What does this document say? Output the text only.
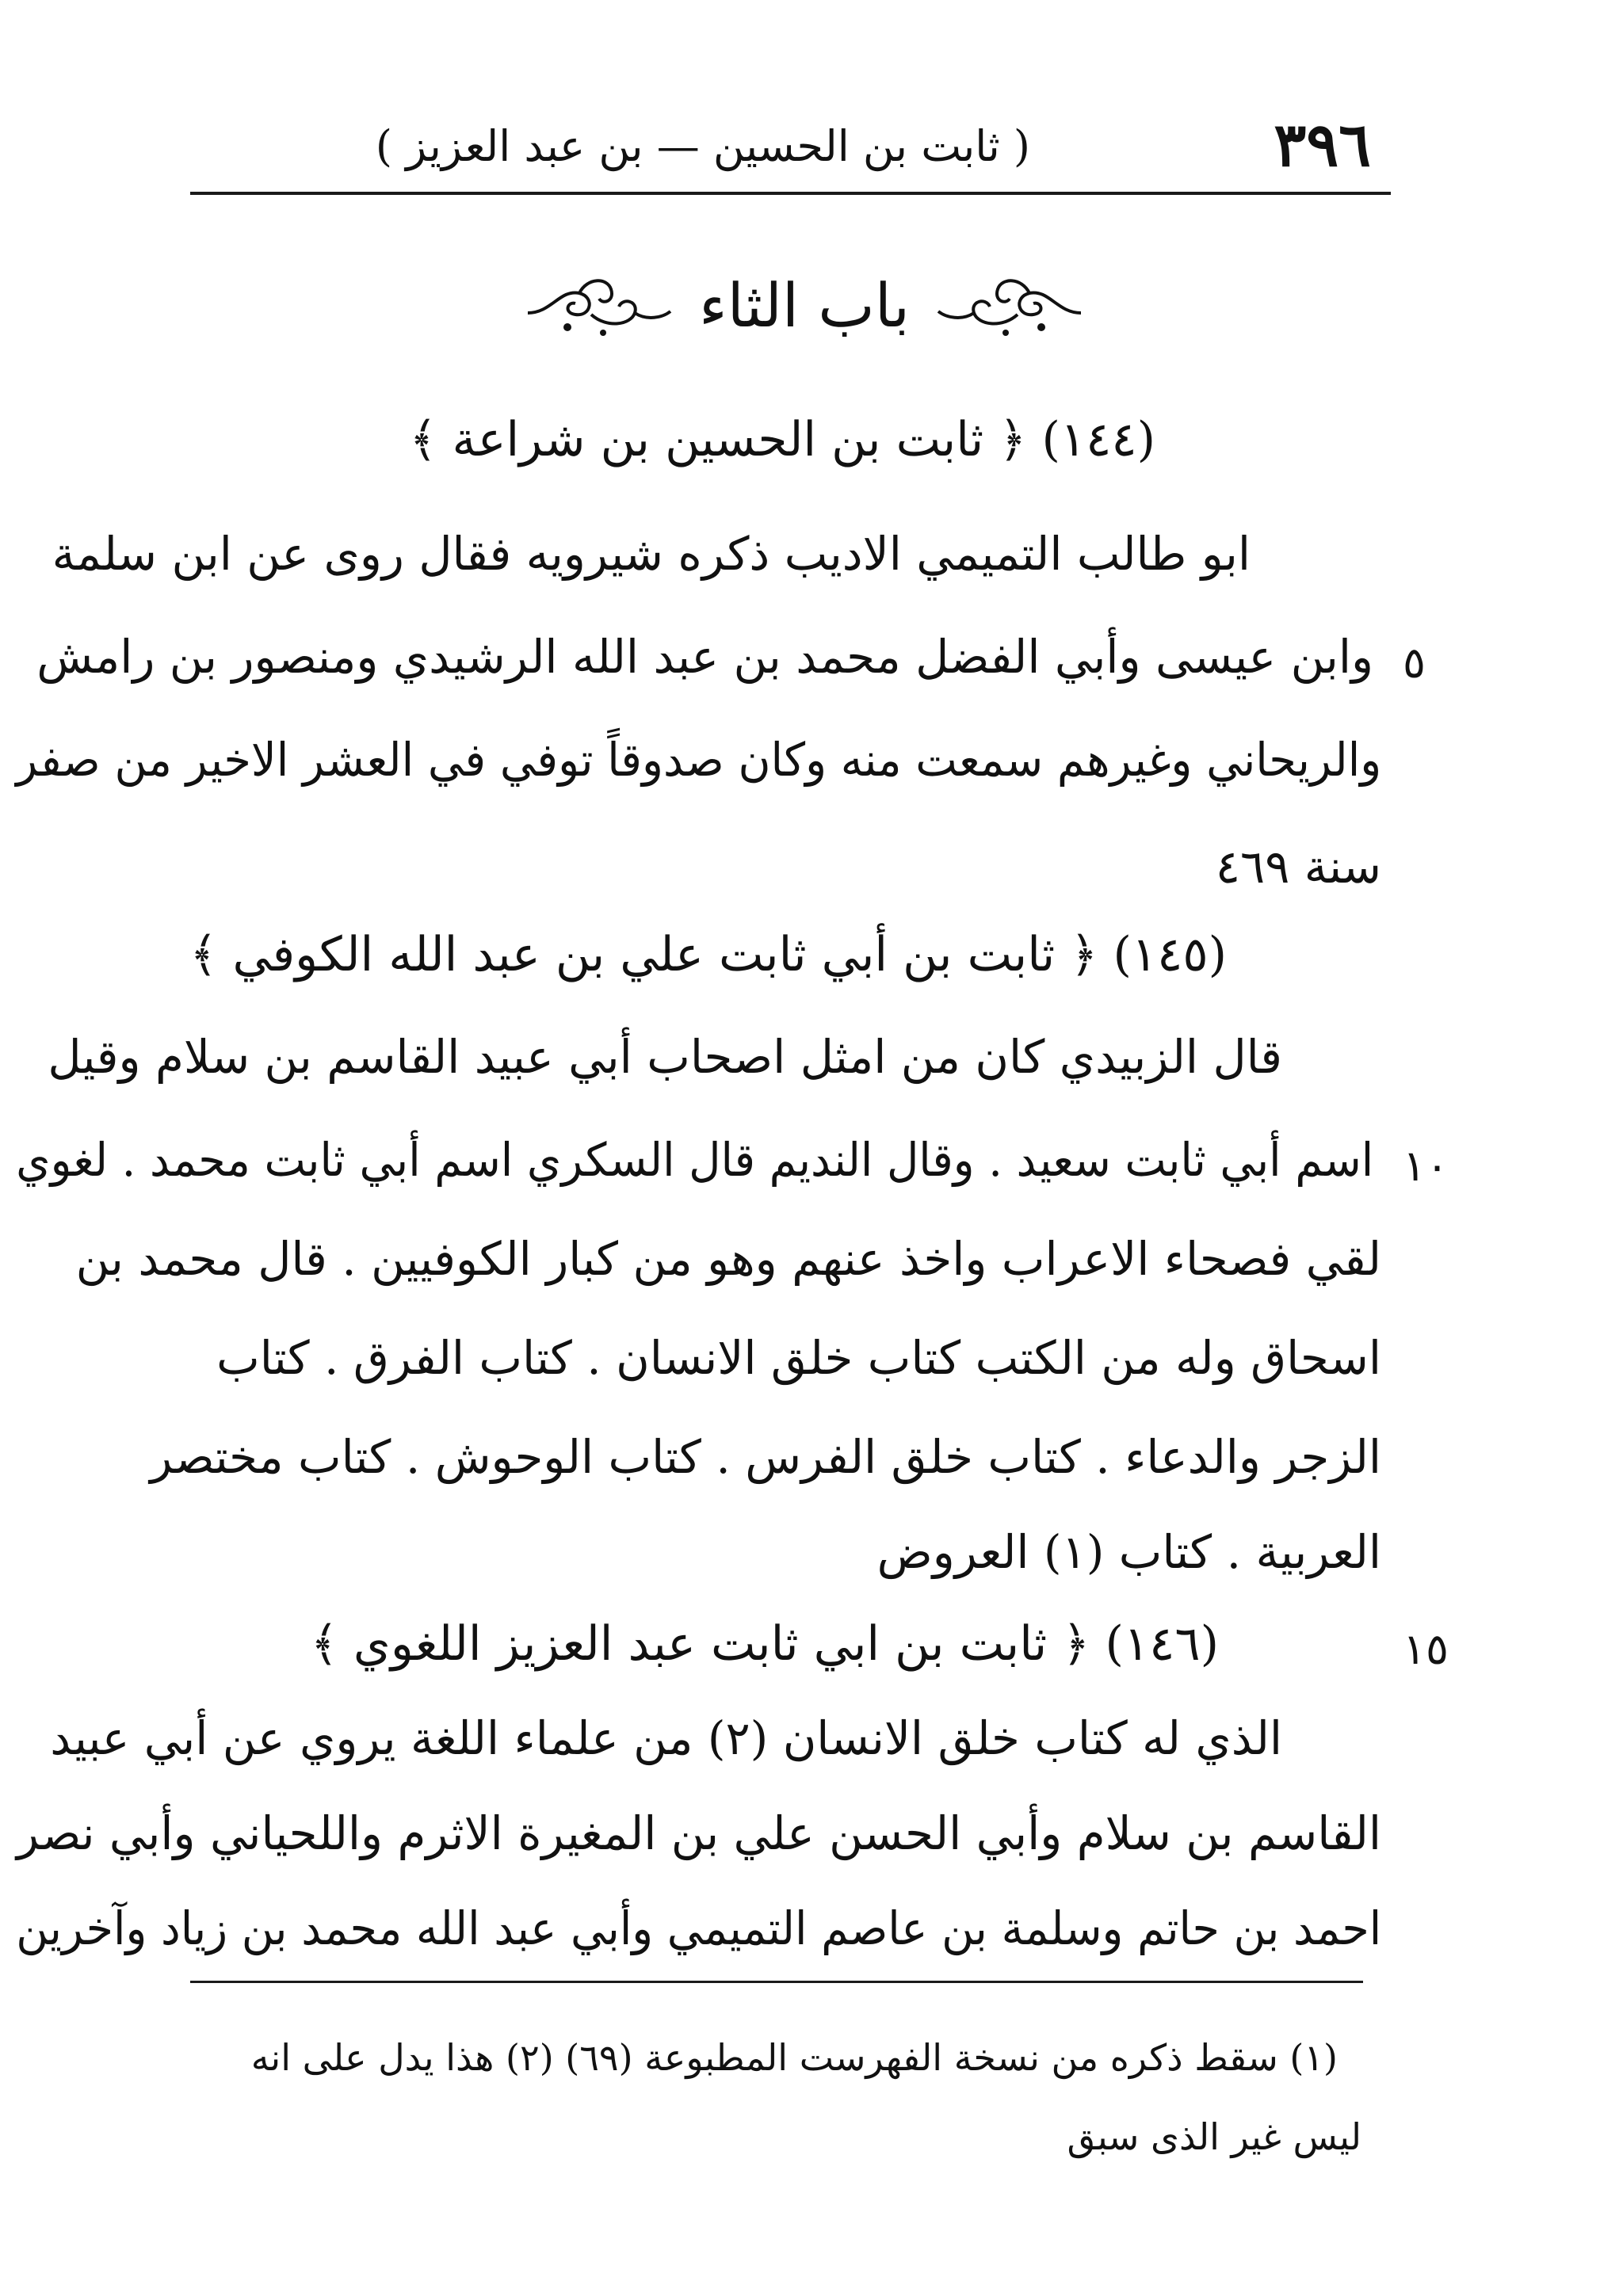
٣٩٦
( ثابت بن الحسين — بن عبد العزيز )
باب الثاء
(١٤٤) ﴿ ثابت بن الحسين بن شراعة ﴾
ابو طالب التميمي الاديب ذكره شيرويه فقال روى عن ابن سلمة
وابن عيسى وأبي الفضل محمد بن عبد الله الرشيدي ومنصور بن رامش ٥
والريحاني وغيرهم سمعت منه وكان صدوقاً توفي في العشر الاخير من صفر
سنة ٤٦٩
(١٤٥) ﴿ ثابت بن أبي ثابت علي بن عبد الله الكوفي ﴾
قال الزبيدي كان من امثل اصحاب أبي عبيد القاسم بن سلام وقيل
اسم أبي ثابت سعيد . وقال النديم قال السكري اسم أبي ثابت محمد . لغوي ١٠
لقي فصحاء الاعراب واخذ عنهم وهو من كبار الكوفيين . قال محمد بن
اسحاق وله من الكتب كتاب خلق الانسان . كتاب الفرق . كتاب
الزجر والدعاء . كتاب خلق الفرس . كتاب الوحوش . كتاب مختصر
العربية . كتاب (١) العروض
(١٤٦) ﴿ ثابت بن ابي ثابت عبد العزيز اللغوي ﴾	١٥
الذي له كتاب خلق الانسان (٢) من علماء اللغة يروي عن أبي عبيد
القاسم بن سلام وأبي الحسن علي بن المغيرة الاثرم واللحياني وأبي نصر
احمد بن حاتم وسلمة بن عاصم التميمي وأبي عبد الله محمد بن زياد وآخرين
(١) سقط ذكره من نسخة الفهرست المطبوعة (٦٩) (٢) هذا يدل على انه
ليس غير الذى سبق
